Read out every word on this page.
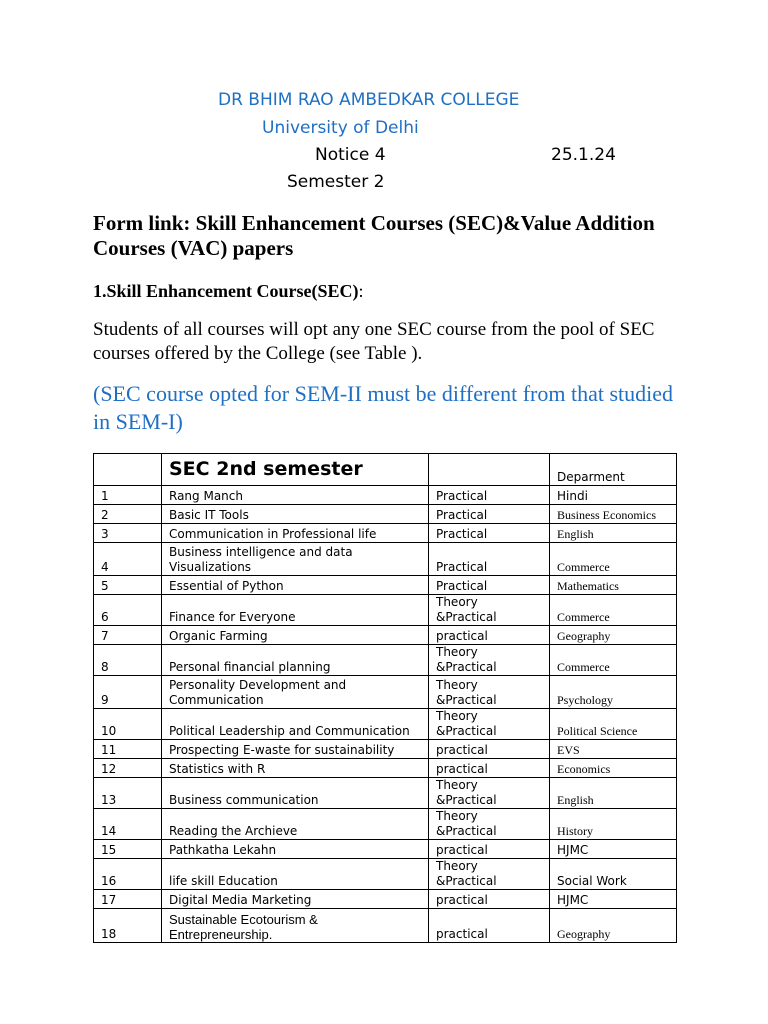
DR BHIM RAO AMBEDKAR COLLEGE
University of Delhi
Notice 4	25.1.24
Semester 2
Form link: Skill Enhancement Courses (SEC)&Value Addition Courses (VAC) papers
1.Skill Enhancement Course(SEC):
Students of all courses will opt any one SEC course from the pool of SEC courses offered by the College (see Table ).
(SEC course opted for SEM-II must be different from that studied in SEM-I)
	SEC 2nd semester		Deparment
1	Rang Manch	Practical	Hindi
2	Basic IT Tools	Practical	Business Economics
3	Communication in Professional life	Practical	English
4	Business intelligence and data
Visualizations	Practical	Commerce
5	Essential of Python	Practical	Mathematics
6	Finance for Everyone	Theory &Practical	Commerce
7	Organic Farming	practical	Geography
8	Personal financial planning	Theory &Practical	Commerce
9	Personality Development and
Communication	Theory &Practical	Psychology
10	Political Leadership and Communication	Theory &Practical	Political Science
11	Prospecting E-waste for sustainability	practical	EVS
12	Statistics with R	practical	Economics
13	Business communication	Theory &Practical	English
14	Reading the Archieve	Theory &Practical	History
15	Pathkatha Lekahn	practical	HJMC
16	life skill Education	Theory &Practical	Social Work
17	Digital Media Marketing	practical	HJMC
18	Sustainable Ecotourism &
Entrepreneurship.	practical	Geography
